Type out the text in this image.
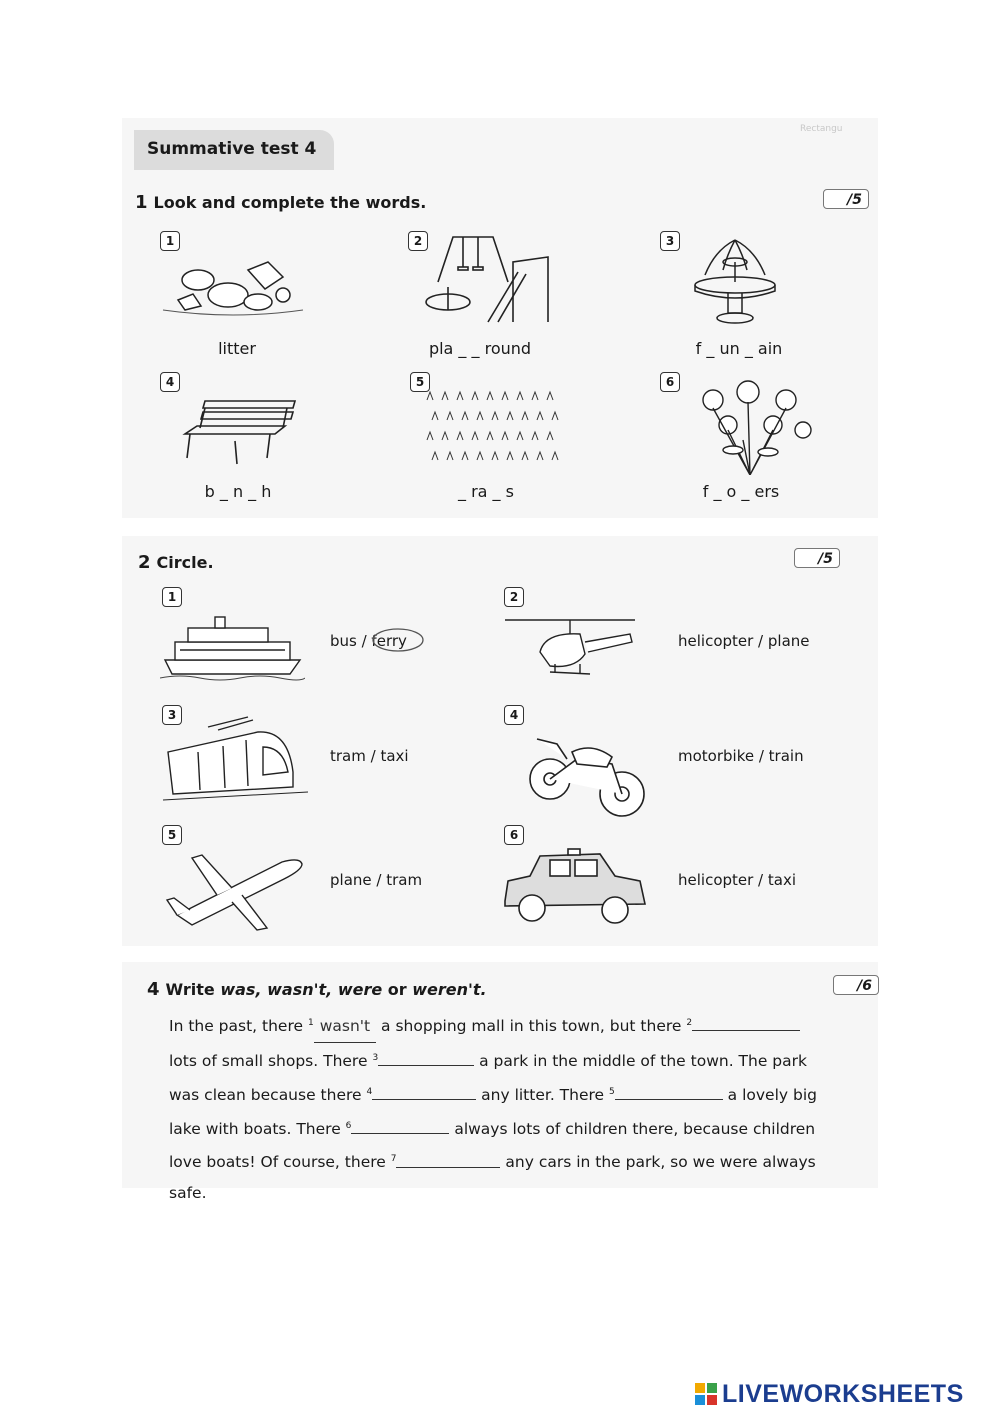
Rectangu
Summative test 4
1 Look and complete the words.	/5
1	2	3
4	5	6
litter	pla _ _ round	f _ un _ ain
b _ n _ h	_ ra _ s	f _ o _ ers
2 Circle.	/5
1	2
3	4
5	6
bus / ferry	helicopter / plane
tram / taxi	motorbike / train
plane / tram	helicopter / taxi
4 Write was, wasn't, were or weren't.	/6
In the past, there $^1$ wasn't a shopping mall in this town, but there $^2$
lots of small shops. There $^3$	a park in the middle of the town. The park
was clean because there $^4$	any litter. There $^5$	a lovely big
lake with boats. There $^6$	always lots of children there, because children
love boats! Of course, there $^7$	any cars in the park, so we were always
safe.
LIVEWORKSHEETS
